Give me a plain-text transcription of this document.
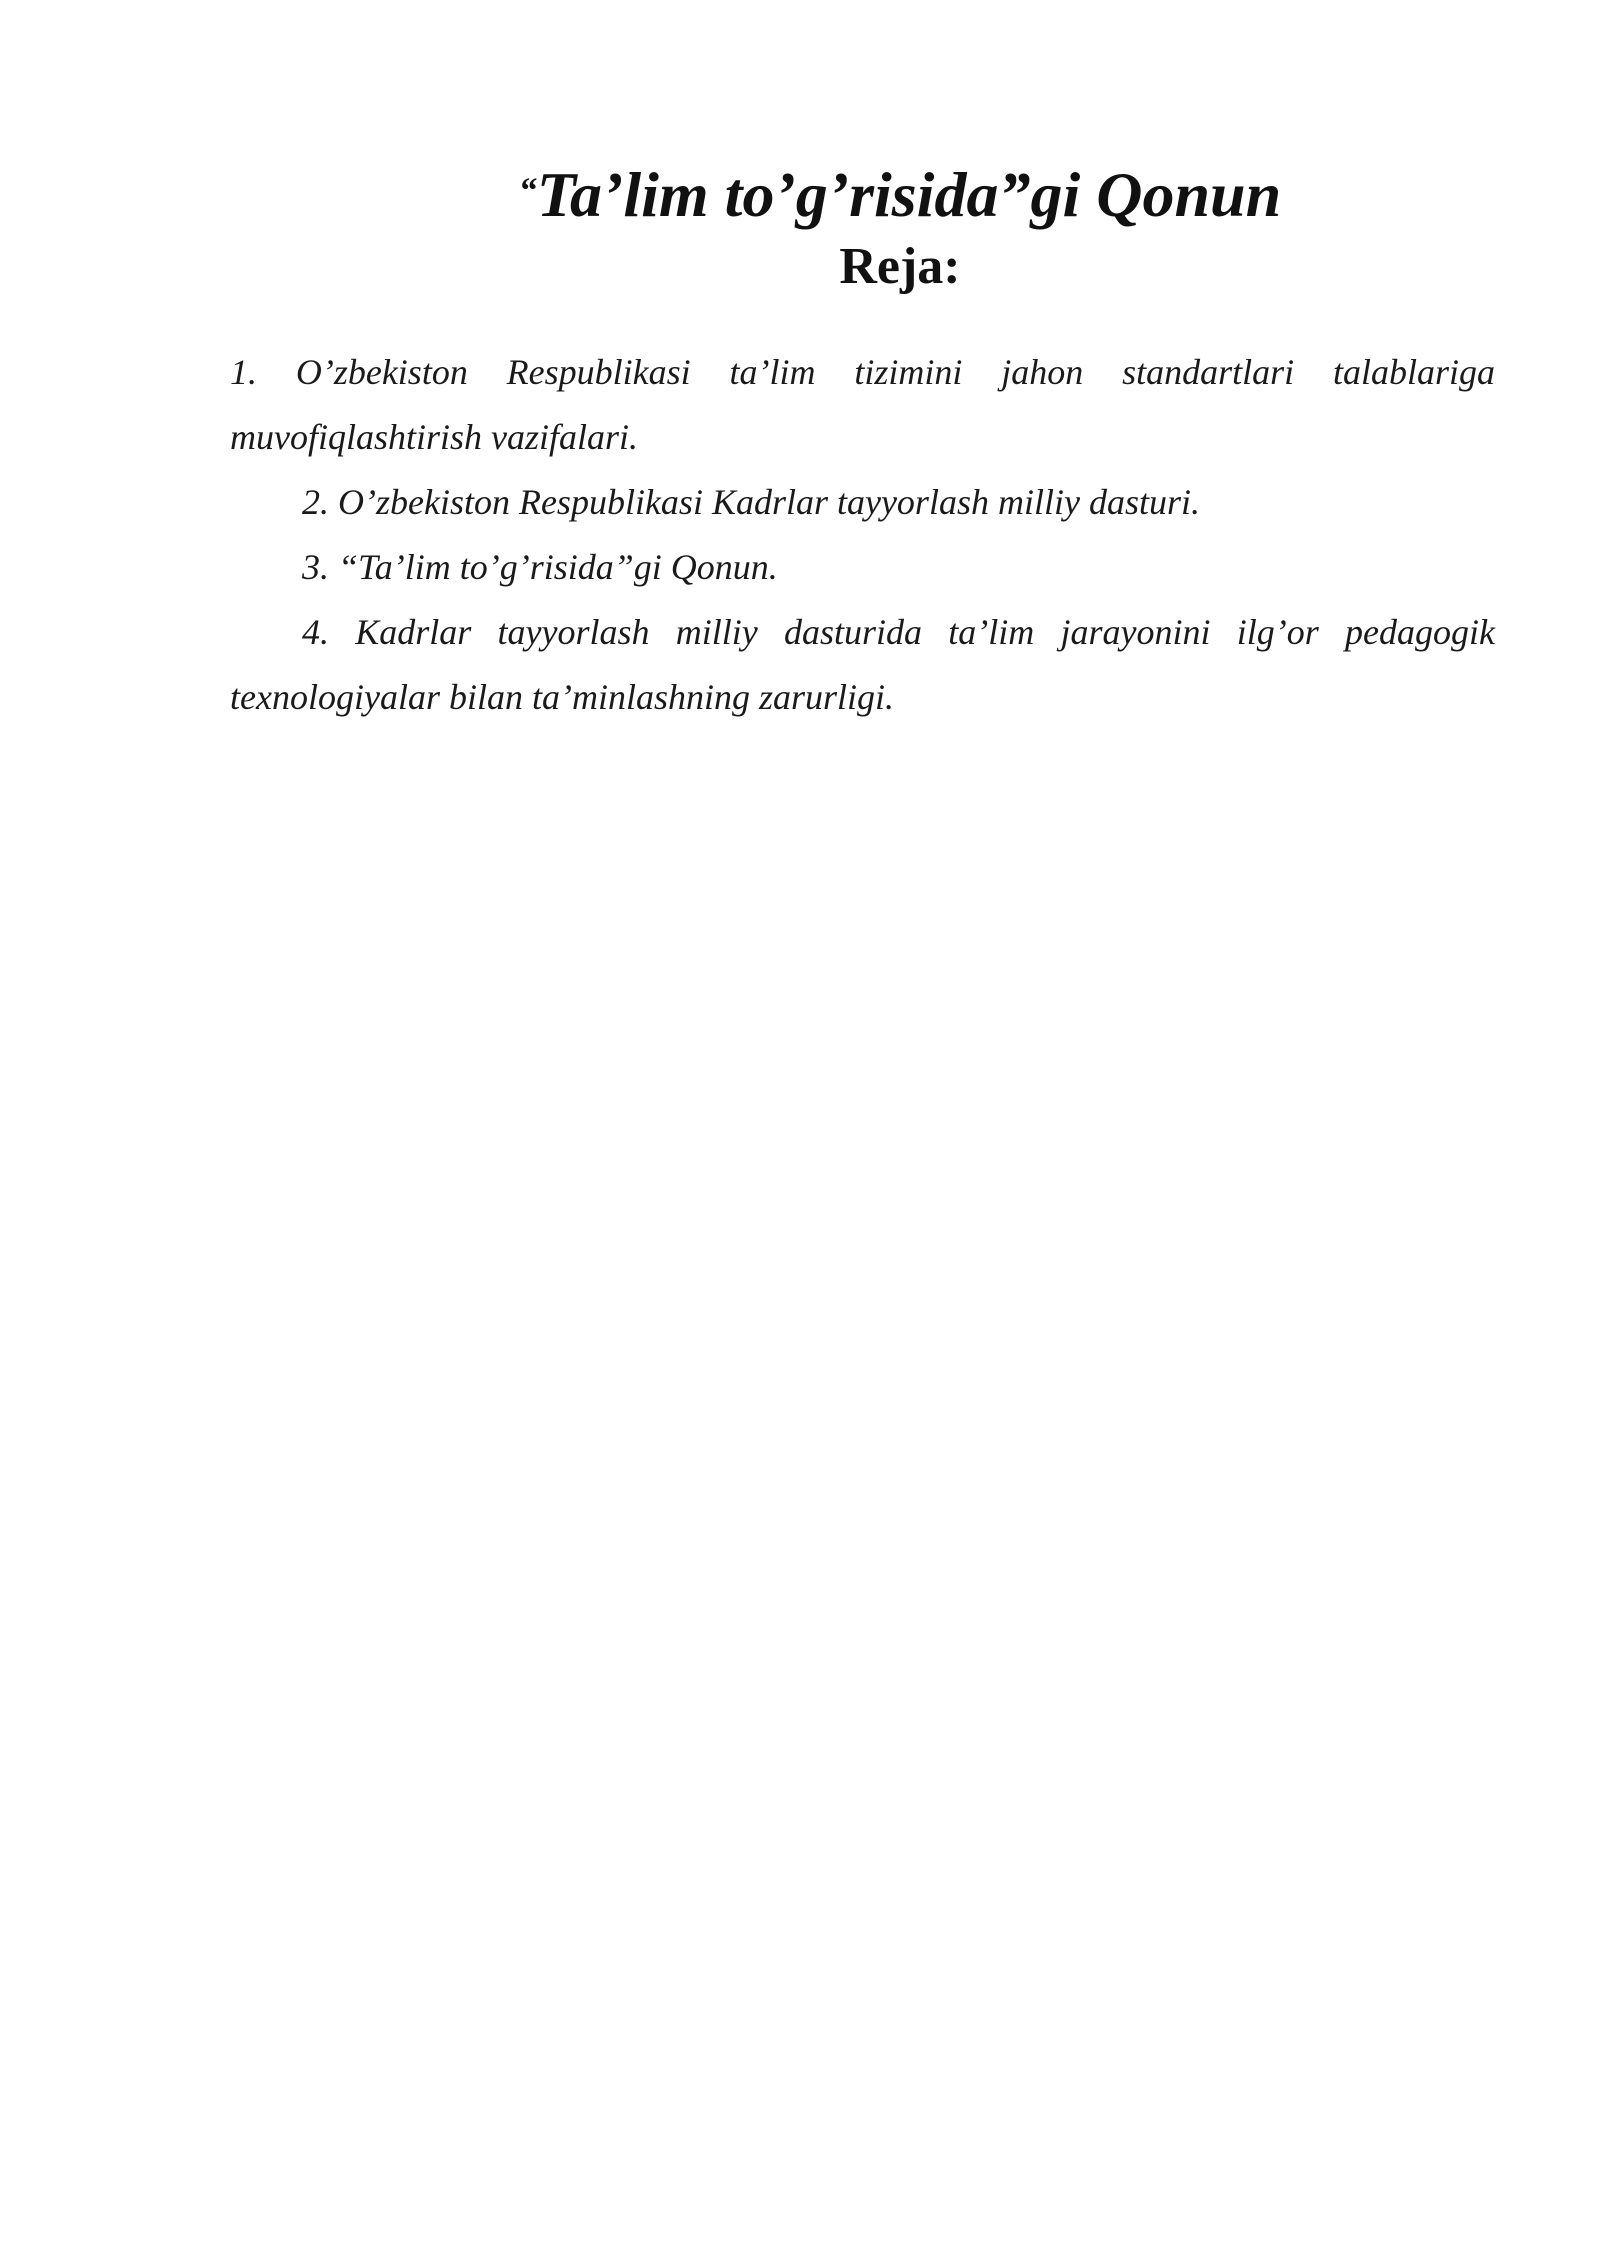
“Ta’lim to’g’risida”gi Qonun
Reja:

1. O’zbekiston Respublikasi ta’lim tizimini jahon standartlari talablariga muvofiqlashtirish vazifalari.

2. O’zbekiston Respublikasi Kadrlar tayyorlash milliy dasturi.

3. “Ta’lim to’g’risida”gi Qonun.

4. Kadrlar tayyorlash milliy dasturida ta’lim jarayonini ilg’or pedagogik texnologiyalar bilan ta’minlashning zarurligi.
